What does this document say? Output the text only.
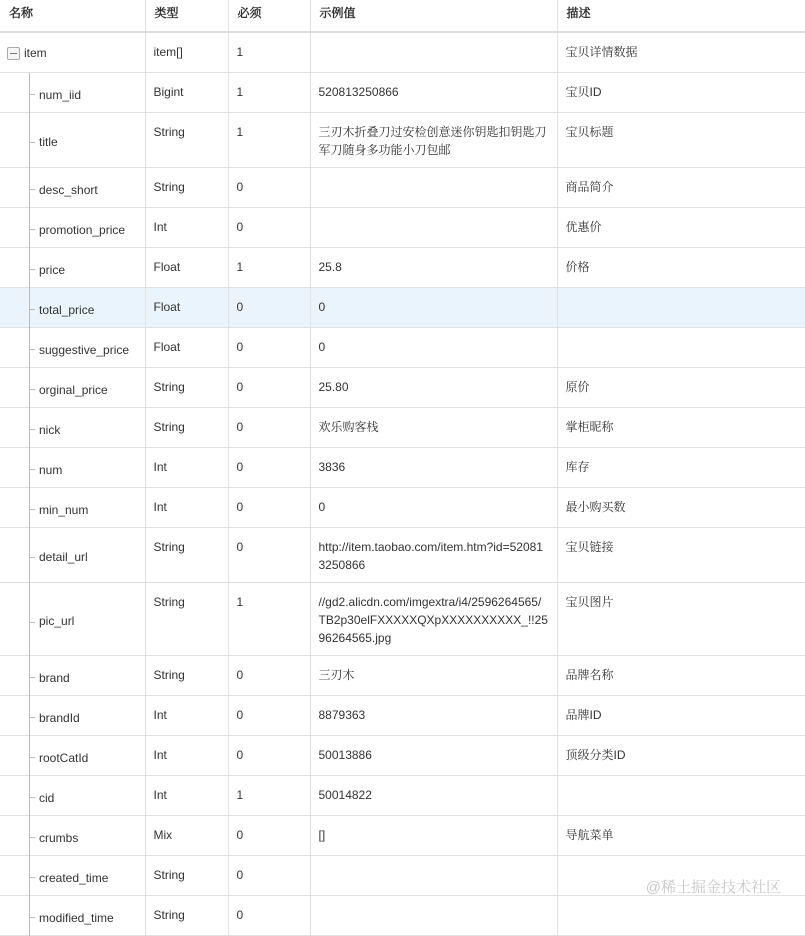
名称	类型	必须	示例值	描述

item	item[]	1		宝贝详情数据

num_iid	Bigint	1	520813250866	宝贝ID

title	String	1	三刃木折叠刀过安检创意迷你钥匙扣钥匙刀军刀随身多功能小刀包邮	宝贝标题

desc_short	String	0		商品简介

promotion_price	Int	0		优惠价

price	Float	1	25.8	价格

total_price	Float	0	0	

suggestive_price	Float	0	0	

orginal_price	String	0	25.80	原价

nick	String	0	欢乐购客栈	掌柜昵称

num	Int	0	3836	库存

min_num	Int	0	0	最小购买数

detail_url	String	0	http://item.taobao.com/item.htm?id=520813250866	宝贝链接

pic_url	String	1	//gd2.alicdn.com/imgextra/i4/2596264565/TB2p30elFXXXXXQXpXXXXXXXXXX_!!2596264565.jpg	宝贝图片

brand	String	0	三刃木	品牌名称

brandId	Int	0	8879363	品牌ID

rootCatId	Int	0	50013886	顶级分类ID

cid	Int	1	50014822	

crumbs	Mix	0	[]	导航菜单

created_time	String	0		

modified_time	String	0		
@稀土掘金技术社区
